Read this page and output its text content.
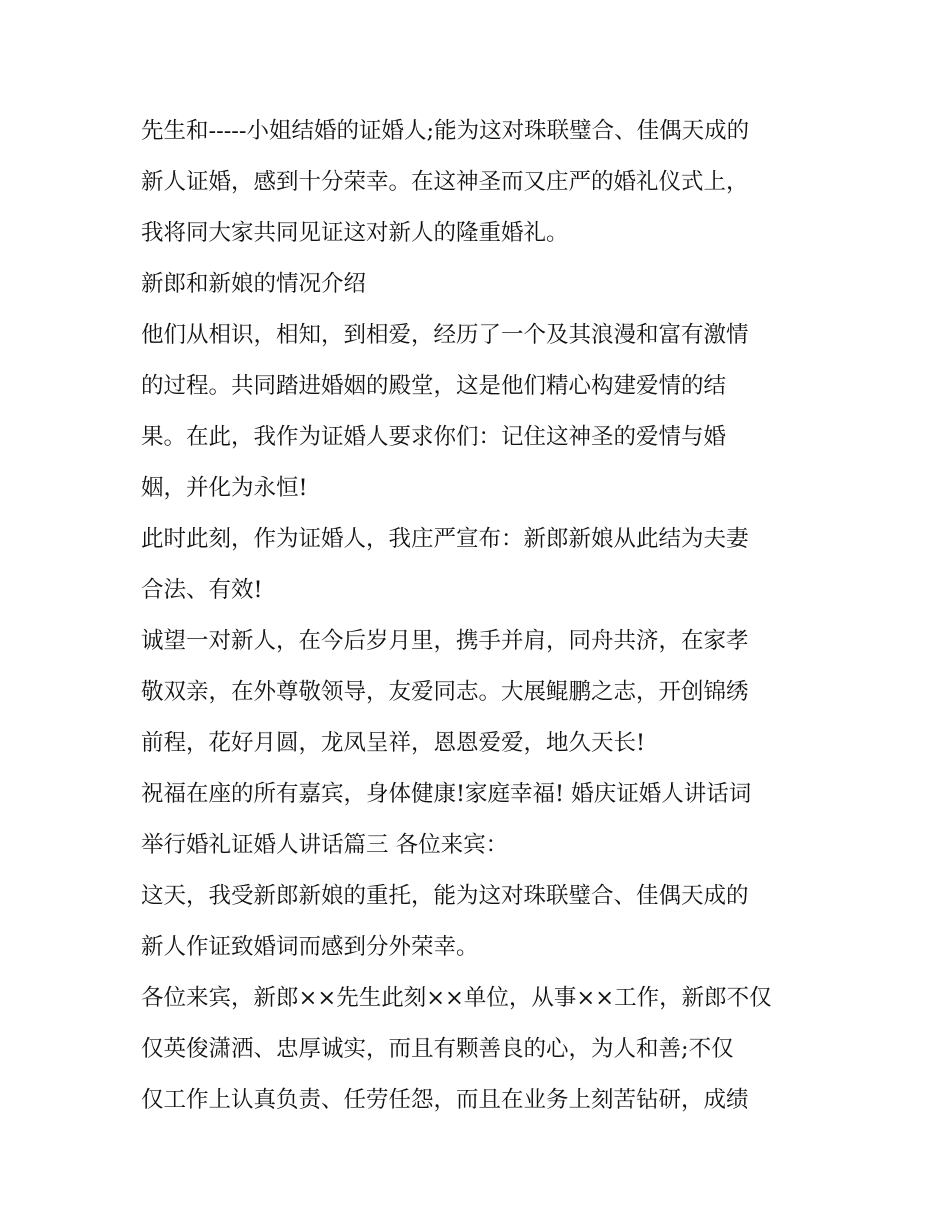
先生和-----小姐结婚的证婚人;能为这对珠联璧合、佳偶天成的
新人证婚，感到十分荣幸。在这神圣而又庄严的婚礼仪式上，
我将同大家共同见证这对新人的隆重婚礼。
新郎和新娘的情况介绍
他们从相识，相知，到相爱，经历了一个及其浪漫和富有激情
的过程。共同踏进婚姻的殿堂，这是他们精心构建爱情的结
果。在此，我作为证婚人要求你们：记住这神圣的爱情与婚
姻，并化为永恒!
此时此刻，作为证婚人，我庄严宣布：新郎新娘从此结为夫妻
合法、有效!
诚望一对新人，在今后岁月里，携手并肩，同舟共济，在家孝
敬双亲，在外尊敬领导，友爱同志。大展鲲鹏之志，开创锦绣
前程，花好月圆，龙凤呈祥，恩恩爱爱，地久天长!
祝福在座的所有嘉宾，身体健康!家庭幸福! 婚庆证婚人讲话词
举行婚礼证婚人讲话篇三 各位来宾：
这天，我受新郎新娘的重托，能为这对珠联璧合、佳偶天成的
新人作证致婚词而感到分外荣幸。
各位来宾，新郎××先生此刻××单位，从事××工作，新郎不仅
仅英俊潇洒、忠厚诚实，而且有颗善良的心，为人和善;不仅
仅工作上认真负责、任劳任怨，而且在业务上刻苦钻研，成绩
